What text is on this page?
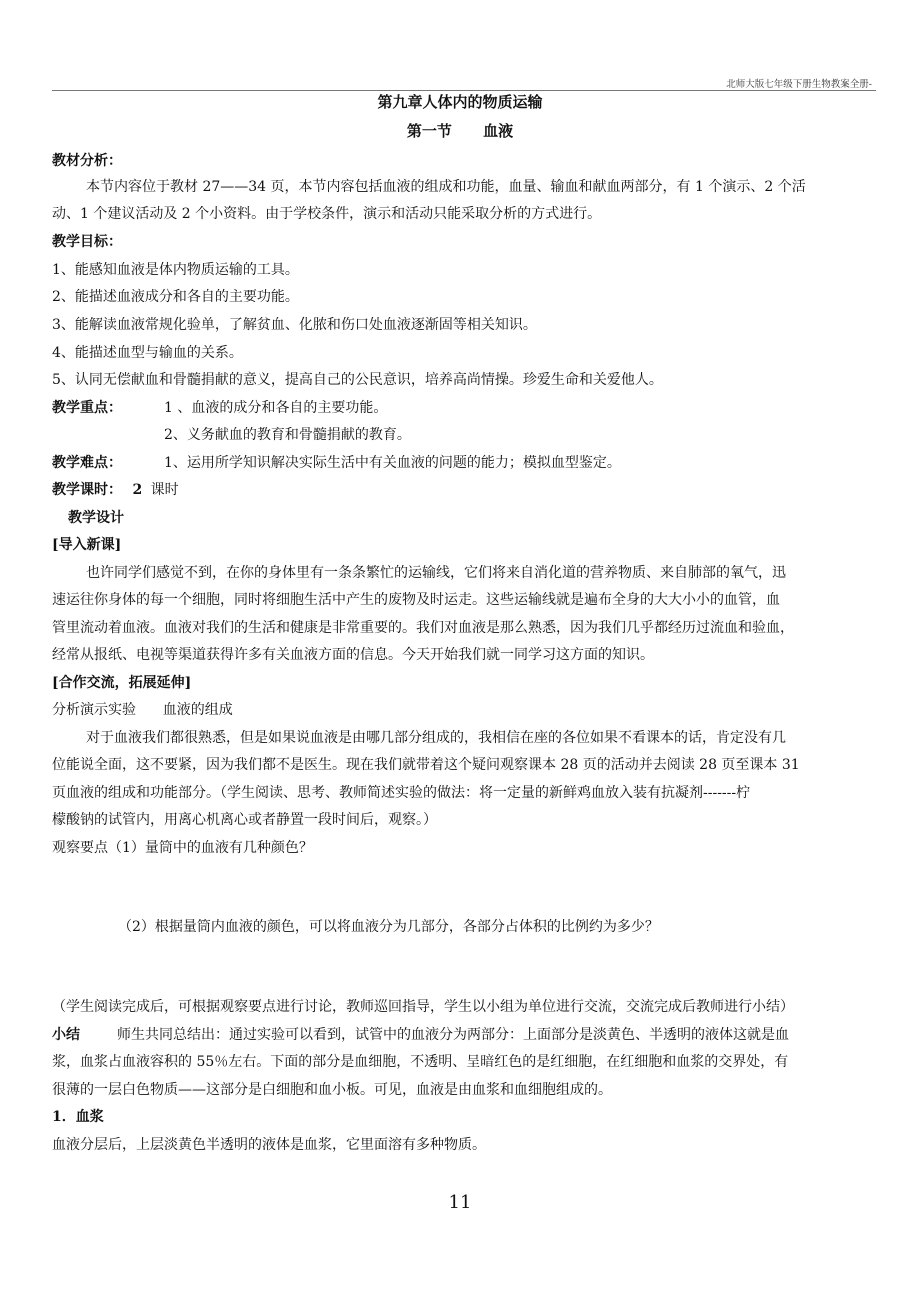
北师大版七年级下册生物教案全册-
第九章人体内的物质运输
第一节      血液
教材分析：
本节内容位于教材 27——34 页，本节内容包括血液的组成和功能，血量、输血和献血两部分，有 1 个演示、2 个活
动、1 个建议活动及 2 个小资料。由于学校条件，演示和活动只能采取分析的方式进行。
教学目标：
1、能感知血液是体内物质运输的工具。
2、能描述血液成分和各自的主要功能。
3、能解读血液常规化验单，了解贫血、化脓和伤口处血液逐渐固等相关知识。
4、能描述血型与输血的关系。
5、认同无偿献血和骨髓捐献的意义，提高自己的公民意识，培养高尚情操。珍爱生命和关爱他人。
教学重点：	1 、血液的成分和各自的主要功能。
2、义务献血的教育和骨髓捐献的教育。
教学难点：	1、运用所学知识解决实际生活中有关血液的问题的能力；模拟血型鉴定。
教学课时： 2 课时
教学设计
[导入新课]
也许同学们感觉不到，在你的身体里有一条条繁忙的运输线，它们将来自消化道的营养物质、来自肺部的氧气，迅
速运往你身体的每一个细胞，同时将细胞生活中产生的废物及时运走。这些运输线就是遍布全身的大大小小的血管，血
管里流动着血液。血液对我们的生活和健康是非常重要的。我们对血液是那么熟悉，因为我们几乎都经历过流血和验血，
经常从报纸、电视等渠道获得许多有关血液方面的信息。今天开始我们就一同学习这方面的知识。
[合作交流，拓展延伸]
分析演示实验      血液的组成
对于血液我们都很熟悉，但是如果说血液是由哪几部分组成的，我相信在座的各位如果不看课本的话，肯定没有几
位能说全面，这不要紧，因为我们都不是医生。现在我们就带着这个疑问观察课本 28 页的活动并去阅读 28 页至课本 31
页血液的组成和功能部分。（学生阅读、思考、教师简述实验的做法：将一定量的新鲜鸡血放入装有抗凝剂-------柠
檬酸钠的试管内，用离心机离心或者静置一段时间后，观察。）
观察要点（1）量筒中的血液有几种颜色？
（2）根据量筒内血液的颜色，可以将血液分为几部分，各部分占体积的比例约为多少？
（学生阅读完成后，可根据观察要点进行讨论，教师巡回指导，学生以小组为单位进行交流，交流完成后教师进行小结）
小结	师生共同总结出：通过实验可以看到，试管中的血液分为两部分：上面部分是淡黄色、半透明的液体这就是血
浆，血浆占血液容积的 55％左右。下面的部分是血细胞，不透明、呈暗红色的是红细胞，在红细胞和血浆的交界处，有
很薄的一层白色物质——这部分是白细胞和血小板。可见，血液是由血浆和血细胞组成的。
1．血浆
血液分层后，上层淡黄色半透明的液体是血浆，它里面溶有多种物质。
11
